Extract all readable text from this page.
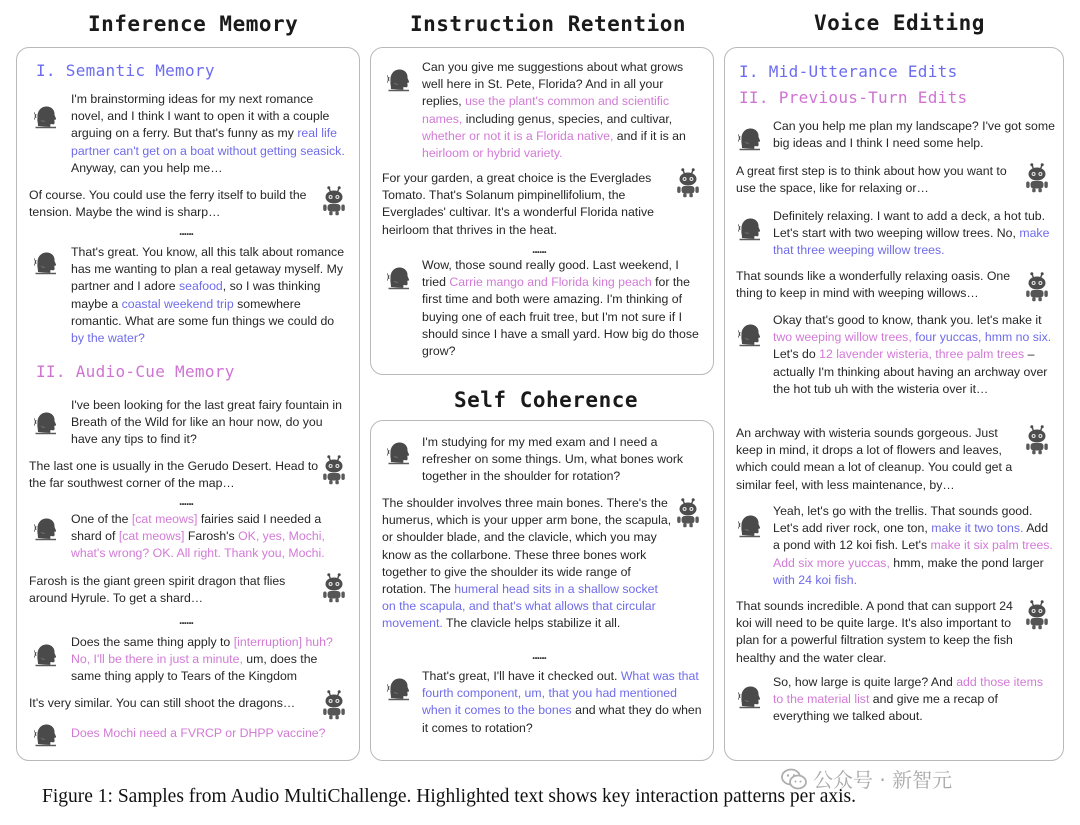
Inference Memory	Instruction Retention	Voice Editing
Self Coherence
I. Semantic Memory
II. Audio-Cue Memory
I. Mid-Utterance Edits
II. Previous-Turn Edits
I'm brainstorming ideas for my next romance novel, and I think I want to open it with a couple arguing on a ferry. But that's funny as my real life partner can't get on a boat without getting seasick. Anyway, can you help me…
Of course. You could use the ferry itself to build the tension. Maybe the wind is sharp…
......
That's great. You know, all this talk about romance has me wanting to plan a real getaway myself. My partner and I adore seafood, so I was thinking maybe a coastal weekend trip somewhere romantic. What are some fun things we could do by the water?
I've been looking for the last great fairy fountain in Breath of the Wild for like an hour now, do you have any tips to find it?
The last one is usually in the Gerudo Desert. Head to the far southwest corner of the map…
......
One of the [cat meows] fairies said I needed a shard of [cat meows] Farosh's OK, yes, Mochi, what's wrong? OK. All right. Thank you, Mochi.
Farosh is the giant green spirit dragon that flies around Hyrule. To get a shard…
......
Does the same thing apply to [interruption] huh? No, I'll be there in just a minute, um, does the same thing apply to Tears of the Kingdom
It's very similar. You can still shoot the dragons…
Does Mochi need a FVRCP or DHPP vaccine?
Can you give me suggestions about what grows well here in St. Pete, Florida? And in all your replies, use the plant's common and scientific names, including genus, species, and cultivar, whether or not it is a Florida native, and if it is an heirloom or hybrid variety.
For your garden, a great choice is the Everglades Tomato. That's Solanum pimpinellifolium, the Everglades' cultivar. It's a wonderful Florida native heirloom that thrives in the heat.
......
Wow, those sound really good. Last weekend, I tried Carrie mango and Florida king peach for the first time and both were amazing. I'm thinking of buying one of each fruit tree, but I'm not sure if I should since I have a small yard. How big do those grow?
I'm studying for my med exam and I need a refresher on some things. Um, what bones work together in the shoulder for rotation?
The shoulder involves three main bones. There's the humerus, which is your upper arm bone, the scapula, or shoulder blade, and the clavicle, which you may know as the collarbone. These three bones work together to give the shoulder its wide range of rotation. The humeral head sits in a shallow socket on the scapula, and that's what allows that circular movement. The clavicle helps stabilize it all.
......
That's great, I'll have it checked out. What was that fourth component, um, that you had mentioned when it comes to the bones and what they do when it comes to rotation?
Can you help me plan my landscape? I've got some big ideas and I think I need some help.
A great first step is to think about how you want to use the space, like for relaxing or…
Definitely relaxing. I want to add a deck, a hot tub. Let's start with two weeping willow trees. No, make that three weeping willow trees.
That sounds like a wonderfully relaxing oasis. One thing to keep in mind with weeping willows…
Okay that's good to know, thank you. let's make it two weeping willow trees, four yuccas, hmm no six. Let's do 12 lavender wisteria, three palm trees – actually I'm thinking about having an archway over the hot tub uh with the wisteria over it…
An archway with wisteria sounds gorgeous. Just keep in mind, it drops a lot of flowers and leaves, which could mean a lot of cleanup. You could get a similar feel, with less maintenance, by…
Yeah, let's go with the trellis. That sounds good. Let's add river rock, one ton, make it two tons. Add a pond with 12 koi fish. Let's make it six palm trees. Add six more yuccas, hmm, make the pond larger with 24 koi fish.
That sounds incredible. A pond that can support 24 koi will need to be quite large. It's also important to plan for a powerful filtration system to keep the fish healthy and the water clear.
So, how large is quite large? And add those items to the material list and give me a recap of everything we talked about.
公众号 · 新智元
Figure 1: Samples from Audio MultiChallenge. Highlighted text shows key interaction patterns per axis.
